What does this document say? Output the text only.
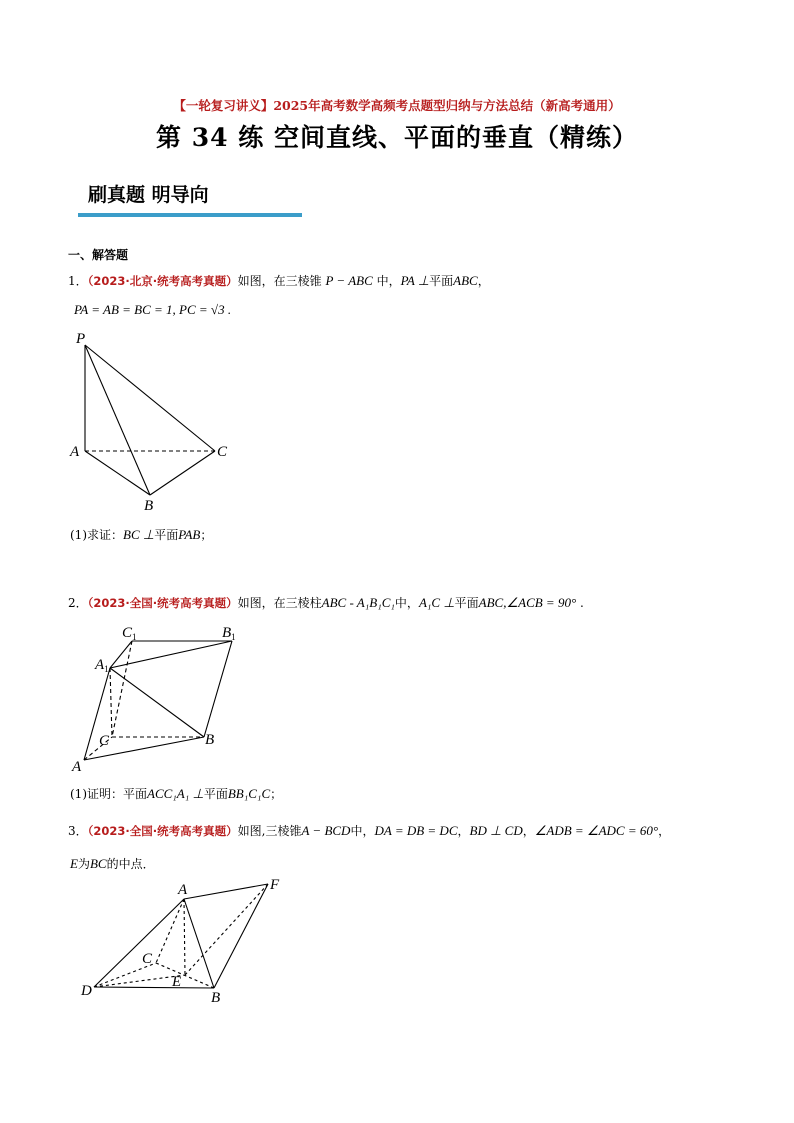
【一轮复习讲义】2025年高考数学高频考点题型归纳与方法总结（新高考通用）
第 34 练 空间直线、平面的垂直（精练）
刷真题 明导向
一、解答题
1．（2023·北京·统考高考真题）如图，在三棱锥 P − ABC 中，PA ⊥平面ABC，
PA = AB = BC = 1, PC = √3 .
P
A
B
C
(1)求证：BC ⊥平面PAB；
2．（2023·全国·统考高考真题）如图，在三棱柱ABC - A₁B₁C₁中，A₁C ⊥平面ABC,∠ACB = 90° .
$C_1$	$B_1$
$A_1$
C	B
A
(1)证明：平面ACC₁A₁ ⊥平面BB₁C₁C；
3．（2023·全国·统考高考真题）如图,三棱锥A − BCD中，DA = DB = DC，BD ⊥ CD，∠ADB = ∠ADC = 60°，
E为BC的中点．
A	F
C
E
D	B
